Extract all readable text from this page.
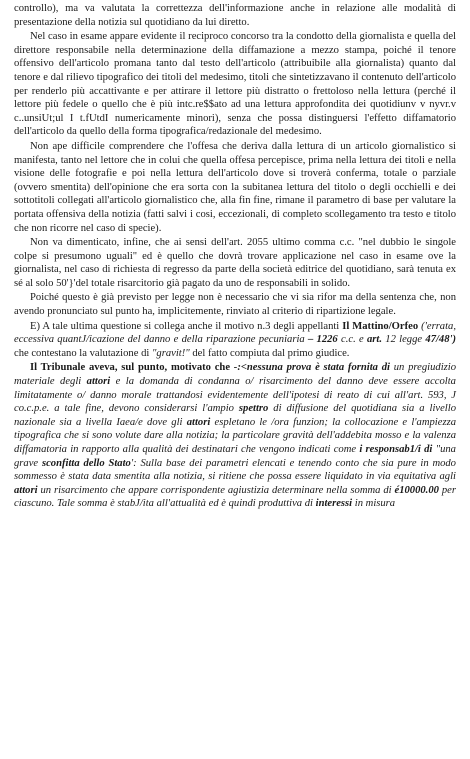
controllo), ma va valutata la correttezza dell'informazione anche in relazione alle modalità di presentazione della notizia sul quotidiano da lui diretto.

Nel caso in esame appare evidente il reciproco concorso tra la condotto della giornalista e quella del direttore responsabile nella determinazione della diffamazione a mezzo stampa, poiché il tenore offensivo dell'articolo promana tanto dal testo dell'articolo (attribuibile alla giornalista) quanto dal tenore e dal rilievo tipografico dei titoli del medesimo, titoli che sintetizzavano il contenuto dell'articolo per renderlo più accattivante e per attirare il lettore più distratto o frettoloso nella lettura (perché il lettore più fedele o quello che è più intc.re$$ato ad una lettura approfondita dei quotidiunv v nyvr.v c..unsiUt;ul I t.fUtdI numericamente minori), senza che possa distinguersi l'effetto diffamatorio dell'articolo da quello della forma tipografica/redazionale del medesimo.

Non ape difficile comprendere che l'offesa che deriva dalla lettura di un articolo giornalistico si manifesta, tanto nel lettore che in colui che quella offesa percepisce, prima nella lettura dei titoli e nella visione delle fotografie e poi nella lettura dell'articolo dove si troverà conferma, totale o parziale (ovvero smentita) dell'opinione che era sorta con la subitanea lettura del titolo o degli occhielli e dei sottotitoli collegati all'articolo giornalistico che, alla fin fine, rimane il parametro di base per valutare la portata offensiva della notizia (fatti salvi i cosi, eccezionali, di completo scollegamento tra testo e titolo che non ricorre nel caso di specie).

Non va dimenticato, infine, che ai sensi dell'art. 2055 ultimo comma c.c. "nel dubbio le singole colpe si presumono uguali" ed è quello che dovrà trovare applicazione nel caso in esame ove la giornalista, nel caso di richiesta di regresso da parte della società editrice del quotidiano, sarà tenuta ex sé al solo 50'}'del totale risarcitorio già pagato da uno de responsabili in solido.

Poiché questo è già previsto per legge non è necessario che vi sia rifor ma della sentenza che, non avendo pronunciato sul punto ha, implicitemente, rinviato al criterio di ripartizione legale.

E) A tale ultima questione si collega anche il motivo n.3 degli appellanti Il Mattino/Orfeo ('errata, eccessiva quantJ/icazione del danno e della riparazione pecuniaria – 1226 c.c. e art. 12 legge 47/48') che contestano la valutazione di "gravit!" del fatto compiuta dal primo giudice.

Il Tribunale aveva, sul punto, motivato che -:<nessuna prova è stata fornita di un pregiudizio materiale degli attori e la domanda di condanna o/ risarcimento del danno deve essere accolta limitatamente o/ danno morale trattandosi evidentemente dell'ipotesi di reato di cui all'art. 593, J co.c.p.e. a tale fine, devono considerarsi l'ampio spettro di diffusione del quotidiana sia a livello nazionale sia a livella Iaea/e dove gli attori espletano le /ora funzion; la collocazione e l'ampiezza tipografica che si sono volute dare alla notizia; la particolare gravità dell'addebita mosso e la valenza diffamatoria in rapporto alla qualità dei destinatari che vengono indicati come i responsab1/i di "una grave sconfitta dello Stato': Sulla base dei parametri elencati e tenendo conto che sia pure in modo sommesso è stata data smentita alla notizia, si ritiene che possa essere liquidato in via equitativa agli attori un risarcimento che appare corrispondente agiustizia determinare nella somma di é10000.00 per ciascuno. Tale somma è stabJ/ita all'attualità ed è quindi produttiva di interessi in misura
